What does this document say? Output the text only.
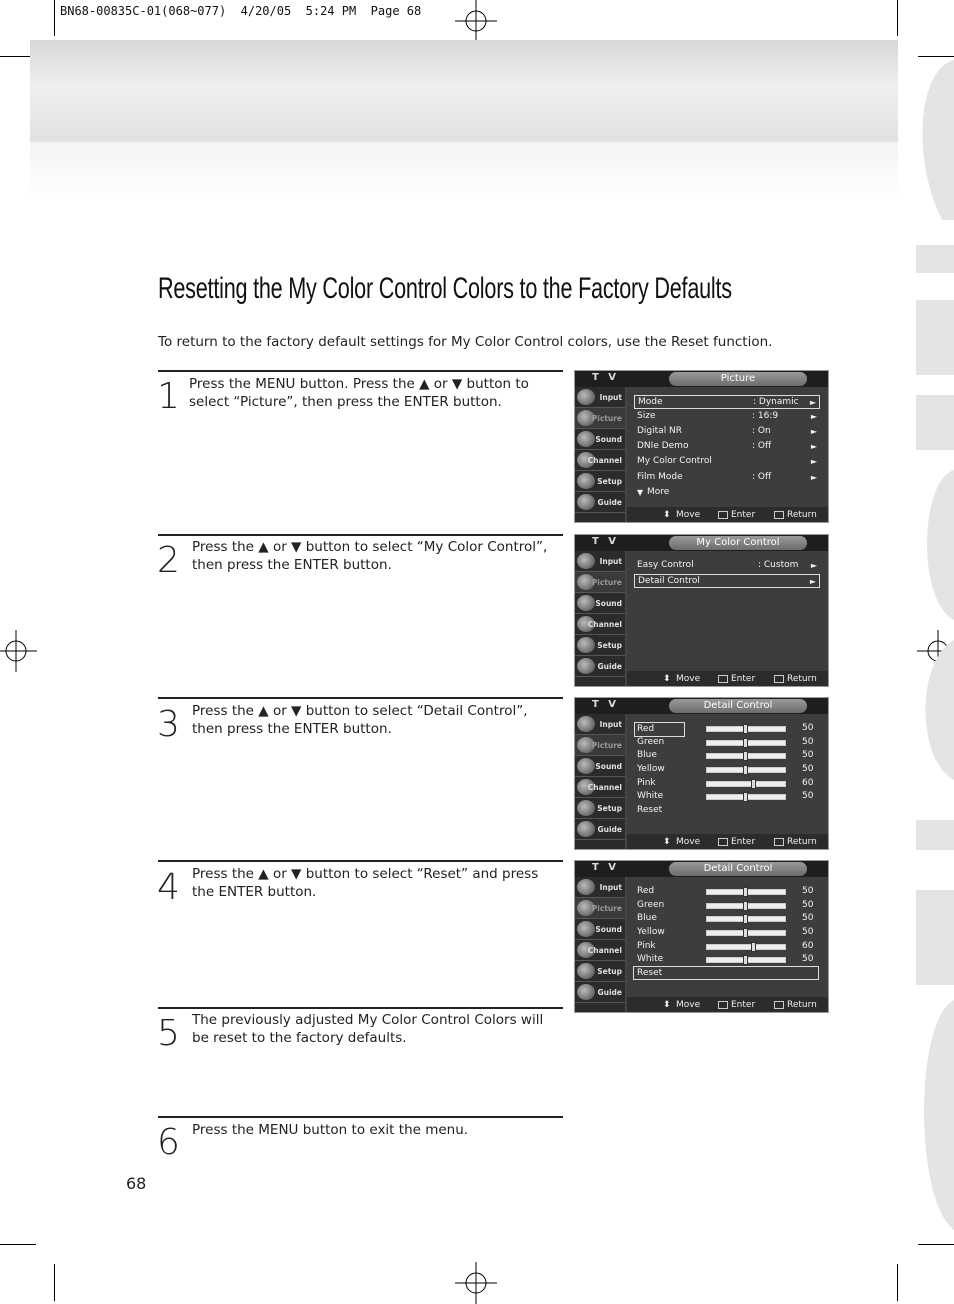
BN68-00835C-01(068~077)  4/20/05  5:24 PM  Page 68
Resetting the My Color Control Colors to the Factory Defaults

To return to the factory default settings for My Color Control colors, use the Reset function.

1 Press the MENU button. Press the ▲ or ▼ button to select “Picture”, then press the ENTER button.
2 Press the ▲ or ▼ button to select “My Color Control”, then press the ENTER button.
3 Press the ▲ or ▼ button to select “Detail Control”, then press the ENTER button.
4 Press the ▲ or ▼ button to select “Reset” and press the ENTER button.
5 The previously adjusted My Color Control Colors will be reset to the factory defaults.
6 Press the MENU button to exit the menu.
68
T V	Picture
Input
Picture
Sound
Channel
Setup
Guide
Mode	: Dynamic ►
Size	: 16:9	►
Digital NR	: On	►
DNIe Demo	: Off	►
My Color Control	►
Film Mode	: Off	►
▼ More
⬍ Move	Enter	Return
T V	My Color Control
Input
Picture
Sound
Channel
Setup
Guide
Easy Control	: Custom ►
Detail Control	►
⬍ Move	Enter	Return
T V	Detail Control
Input
Picture
Sound
Channel
Setup
Guide
Red	50
Green	50
Blue	50
Yellow	50
Pink	60
White	50
Reset
⬍ Move	Enter	Return
T V	Detail Control
Input
Picture
Sound
Channel
Setup
Guide
Red	50
Green	50
Blue	50
Yellow	50
Pink	60
White	50
Reset
⬍ Move	Enter	Return
